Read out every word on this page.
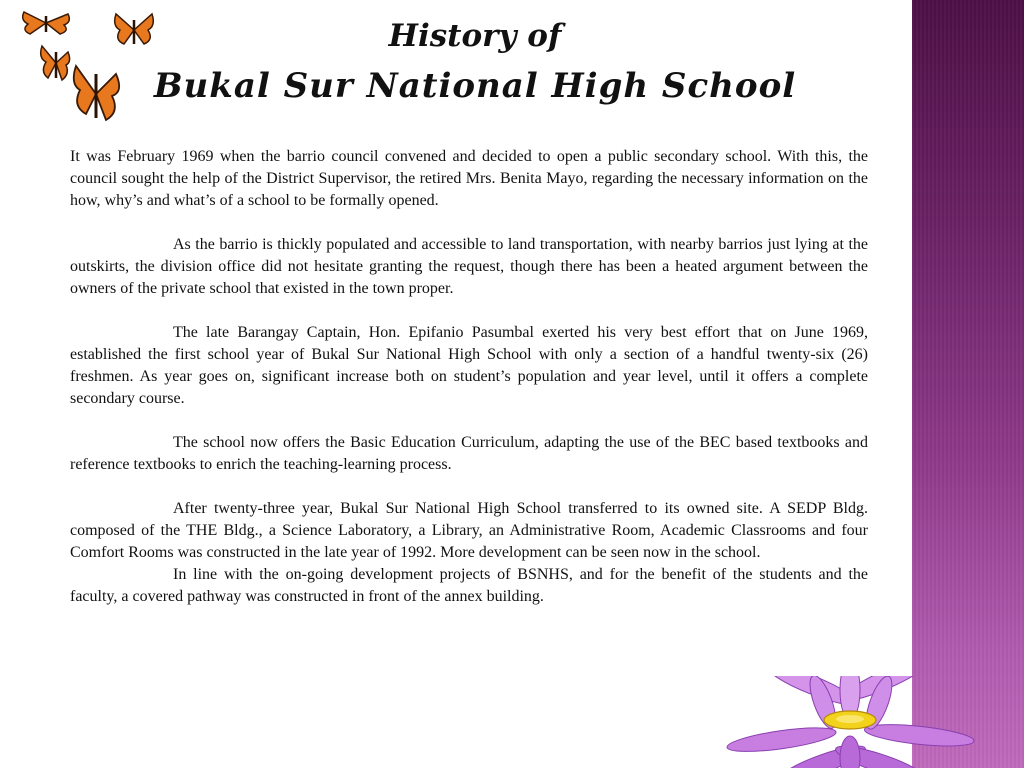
History of
Bukal Sur National High School

It was February 1969 when the barrio council convened and decided to open a public secondary school. With this, the council sought the help of the District Supervisor, the retired Mrs. Benita Mayo, regarding the necessary information on the how, why’s and what’s of a school to be formally opened.

As the barrio is thickly populated and accessible to land transportation, with nearby barrios just lying at the outskirts, the division office did not hesitate granting the request, though there has been a heated argument between the owners of the private school that existed in the town proper.

The late Barangay Captain, Hon. Epifanio Pasumbal exerted his very best effort that on June 1969, established the first school year of Bukal Sur National High School with only a section of a handful twenty-six (26) freshmen. As year goes on, significant increase both on student’s population and year level, until it offers a complete secondary course.

The school now offers the Basic Education Curriculum, adapting the use of the BEC based textbooks and reference textbooks to enrich the teaching-learning process.

After twenty-three year, Bukal Sur National High School transferred to its owned site. A SEDP Bldg. composed of the THE Bldg., a Science Laboratory, a Library, an Administrative Room, Academic Classrooms and four Comfort Rooms was constructed in the late year of 1992. More development can be seen now in the school.

In line with the on-going development projects of BSNHS, and for the benefit of the students and the faculty, a covered pathway was constructed in front of the annex building.
